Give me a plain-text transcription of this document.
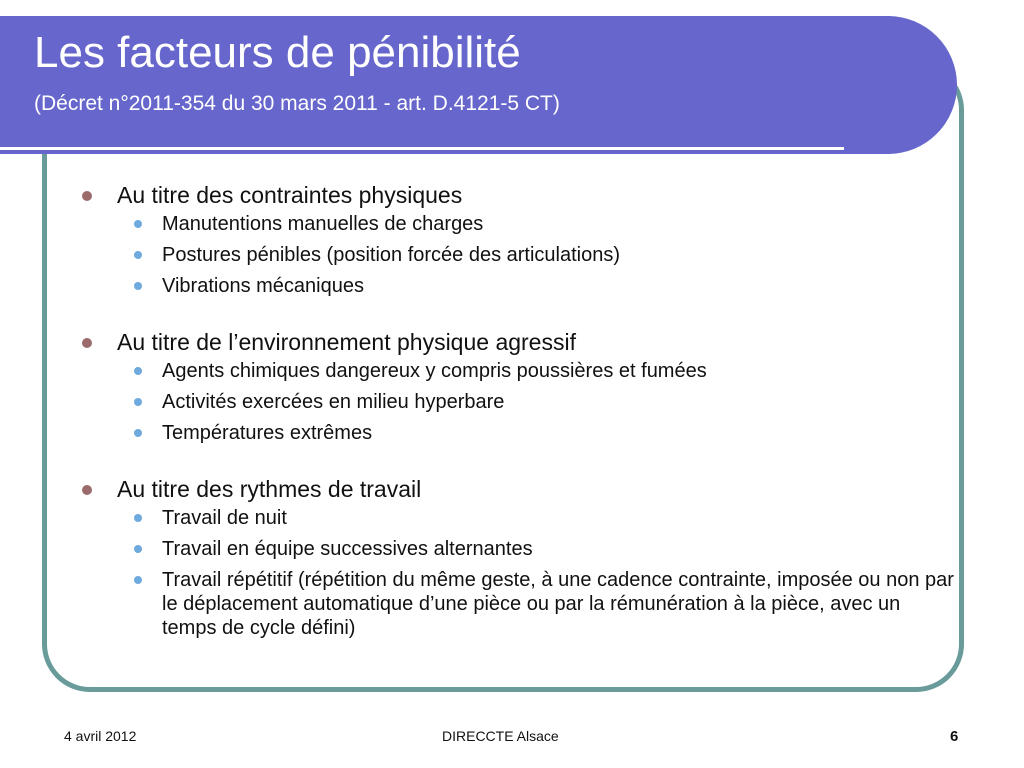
Les facteurs de pénibilité
(Décret n°2011-354 du 30 mars 2011 - art. D.4121-5 CT)
Au titre des contraintes physiques
Manutentions manuelles de charges
Postures pénibles (position forcée des articulations)
Vibrations mécaniques
Au titre de l’environnement physique agressif
Agents chimiques dangereux y compris poussières et fumées
Activités exercées en milieu hyperbare
Températures extrêmes
Au titre des rythmes de travail
Travail de nuit
Travail en équipe successives alternantes
Travail répétitif (répétition du même geste, à une cadence contrainte, imposée ou non par le déplacement automatique d’une pièce ou par la rémunération à la pièce, avec un temps de cycle défini)
4 avril 2012	DIRECCTE Alsace	6
